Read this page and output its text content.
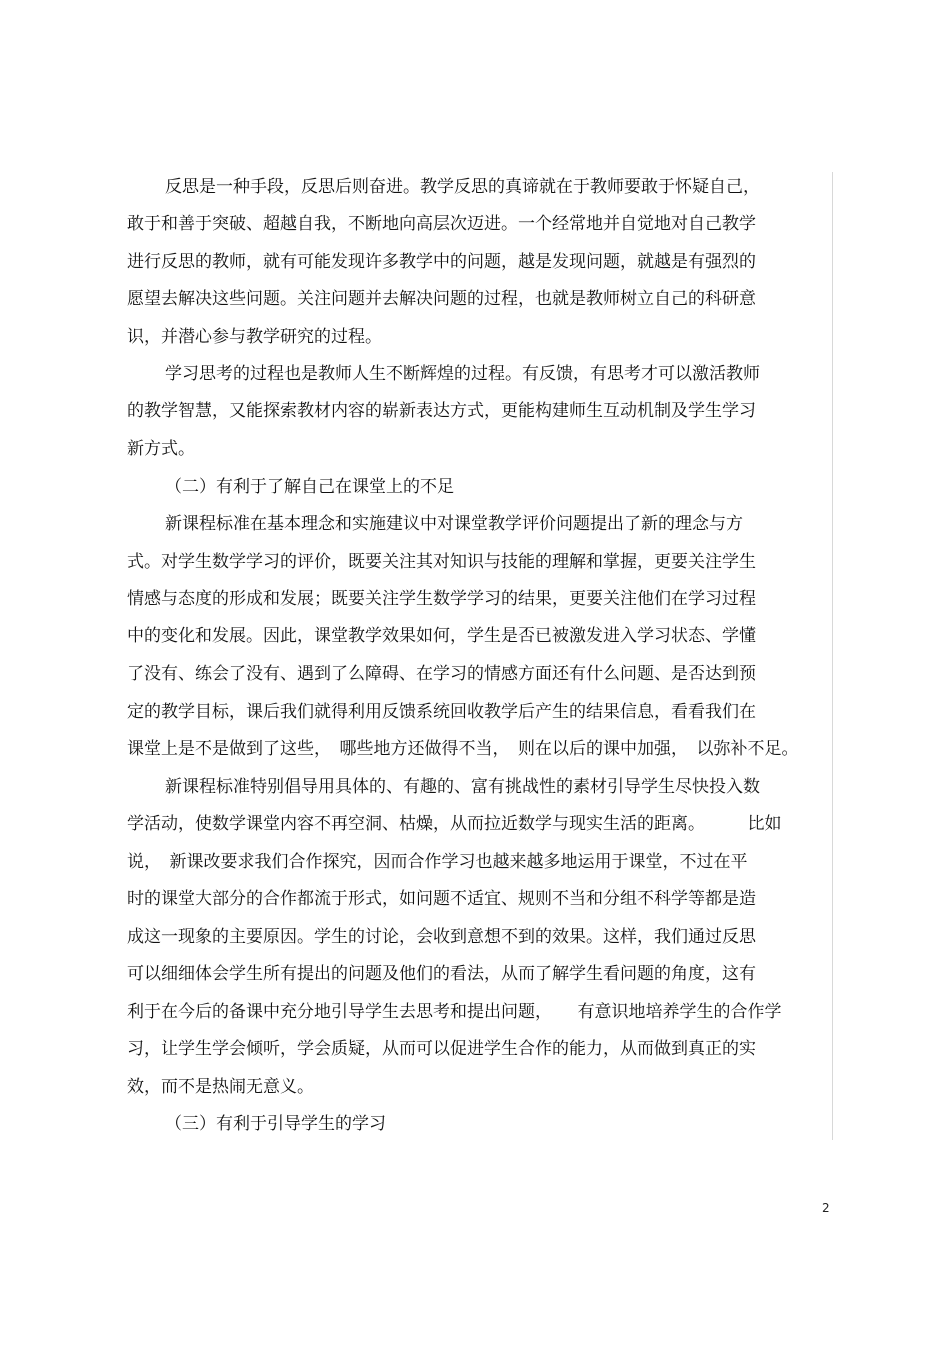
反思是一种手段，反思后则奋进。教学反思的真谛就在于教师要敢于怀疑自己，
敢于和善于突破、超越自我，不断地向高层次迈进。一个经常地并自觉地对自己教学
进行反思的教师，就有可能发现许多教学中的问题，越是发现问题，就越是有强烈的
愿望去解决这些问题。关注问题并去解决问题的过程，也就是教师树立自己的科研意
识，并潜心参与教学研究的过程。
学习思考的过程也是教师人生不断辉煌的过程。有反馈，有思考才可以激活教师
的教学智慧，又能探索教材内容的崭新表达方式，更能构建师生互动机制及学生学习
新方式。
（二）有利于了解自己在课堂上的不足
新课程标准在基本理念和实施建议中对课堂教学评价问题提出了新的理念与方
式。对学生数学学习的评价，既要关注其对知识与技能的理解和掌握，更要关注学生
情感与态度的形成和发展；既要关注学生数学学习的结果，更要关注他们在学习过程
中的变化和发展。因此，课堂教学效果如何，学生是否已被激发进入学习状态、学懂
了没有、练会了没有、遇到了么障碍、在学习的情感方面还有什么问题、是否达到预
定的教学目标，课后我们就得利用反馈系统回收教学后产生的结果信息，看看我们在
课堂上是不是做到了这些，　哪些地方还做得不当，　则在以后的课中加强，　以弥补不足。
新课程标准特别倡导用具体的、有趣的、富有挑战性的素材引导学生尽快投入数
学活动，使数学课堂内容不再空洞、枯燥，从而拉近数学与现实生活的距离。　　　比如
说，　新课改要求我们合作探究，因而合作学习也越来越多地运用于课堂，不过在平
时的课堂大部分的合作都流于形式，如问题不适宜、规则不当和分组不科学等都是造
成这一现象的主要原因。学生的讨论，会收到意想不到的效果。这样，我们通过反思
可以细细体会学生所有提出的问题及他们的看法，从而了解学生看问题的角度，这有
利于在今后的备课中充分地引导学生去思考和提出问题，　　有意识地培养学生的合作学
习，让学生学会倾听，学会质疑，从而可以促进学生合作的能力，从而做到真正的实
效，而不是热闹无意义。
（三）有利于引导学生的学习
2
